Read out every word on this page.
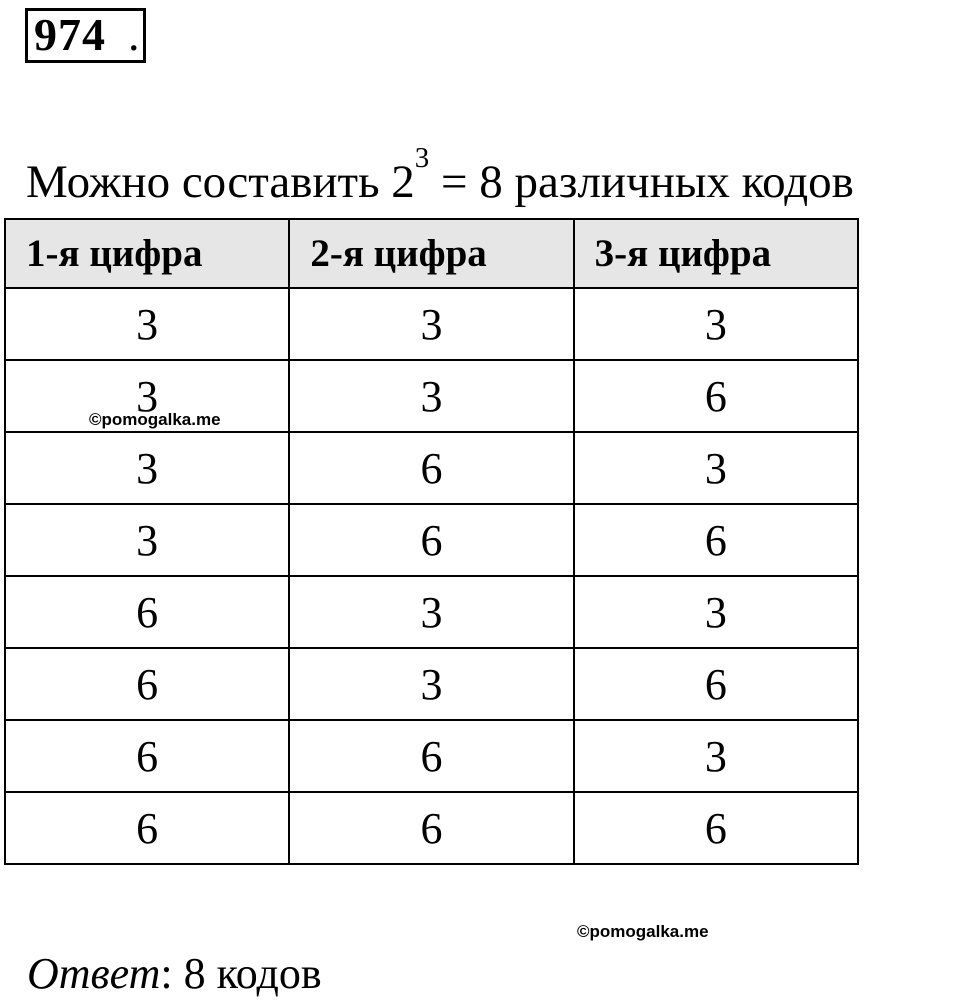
974 .
Можно составить $2^3 = 8$ различных кодов
1-я цифра	2-я цифра	3-я цифра
3	3	3
3	3	6
3	6	3
3	6	6
6	3	3
6	3	6
6	6	3
6	6	6
©pomogalka.me
©pomogalka.me
Ответ: 8 кодов
